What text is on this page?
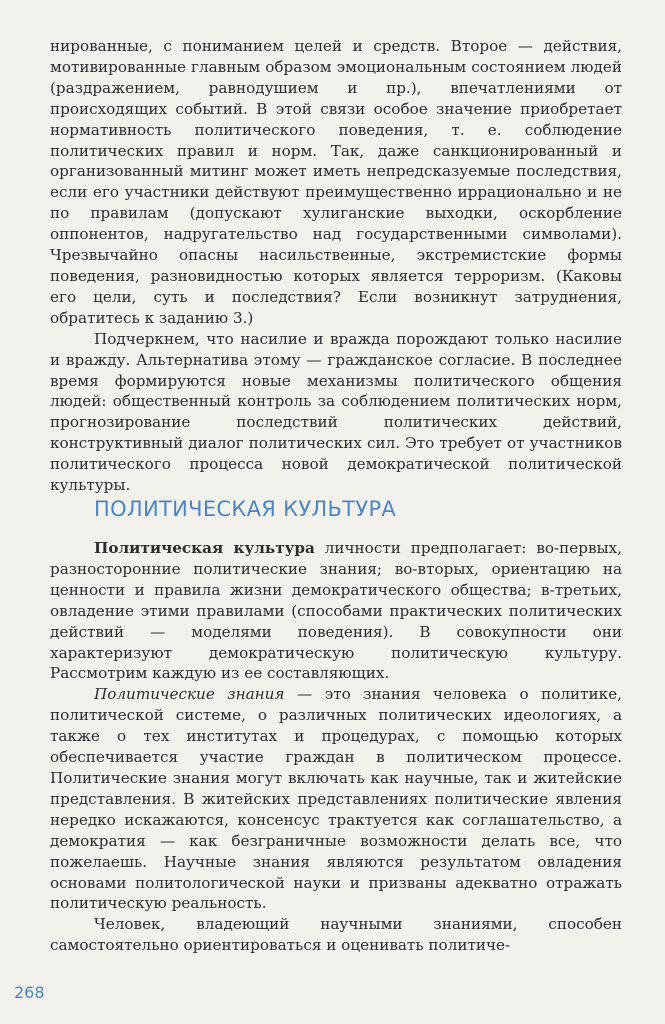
нированные, с пониманием целей и средств. Второе — действия, мотивированные главным образом эмоциональным состоянием людей (раздражением, равнодушием и пр.), впечатлениями от происходящих событий. В этой связи особое значение приобретает нормативность политического поведения, т. е. соблюдение политических правил и норм. Так, даже санкционированный и организованный митинг может иметь непредсказуемые последствия, если его участники действуют преимущественно иррационально и не по правилам (допускают хулиганские выходки, оскорбление оппонентов, надругательство над государственными символами). Чрезвычайно опасны насильственные, экстремистские формы поведения, разновидностью которых является терроризм. (Каковы его цели, суть и последствия? Если возникнут затруднения, обратитесь к заданию 3.)

Подчеркнем, что насилие и вражда порождают только насилие и вражду. Альтернатива этому — гражданское согласие. В последнее время формируются новые механизмы политического общения людей: общественный контроль за соблюдением политических норм, прогнозирование последствий политических действий, конструктивный диалог политических сил. Это требует от участников политического процесса новой демократической политической культуры.

ПОЛИТИЧЕСКАЯ КУЛЬТУРА

Политическая культура личности предполагает: во-первых, разносторонние политические знания; во-вторых, ориентацию на ценности и правила жизни демократического общества; в-третьих, овладение этими правилами (способами практических политических действий — моделями поведения). В совокупности они характеризуют демократическую политическую культуру. Рассмотрим каждую из ее составляющих.

Политические знания — это знания человека о политике, политической системе, о различных политических идеологиях, а также о тех институтах и процедурах, с помощью которых обеспечивается участие граждан в политическом процессе. Политические знания могут включать как научные, так и житейские представления. В житейских представлениях политические явления нередко искажаются, консенсус трактуется как соглашательство, а демократия — как безграничные возможности делать все, что пожелаешь. Научные знания являются результатом овладения основами политологической науки и призваны адекватно отражать политическую реальность.

Человек, владеющий научными знаниями, способен самостоятельно ориентироваться и оценивать политиче-

268
